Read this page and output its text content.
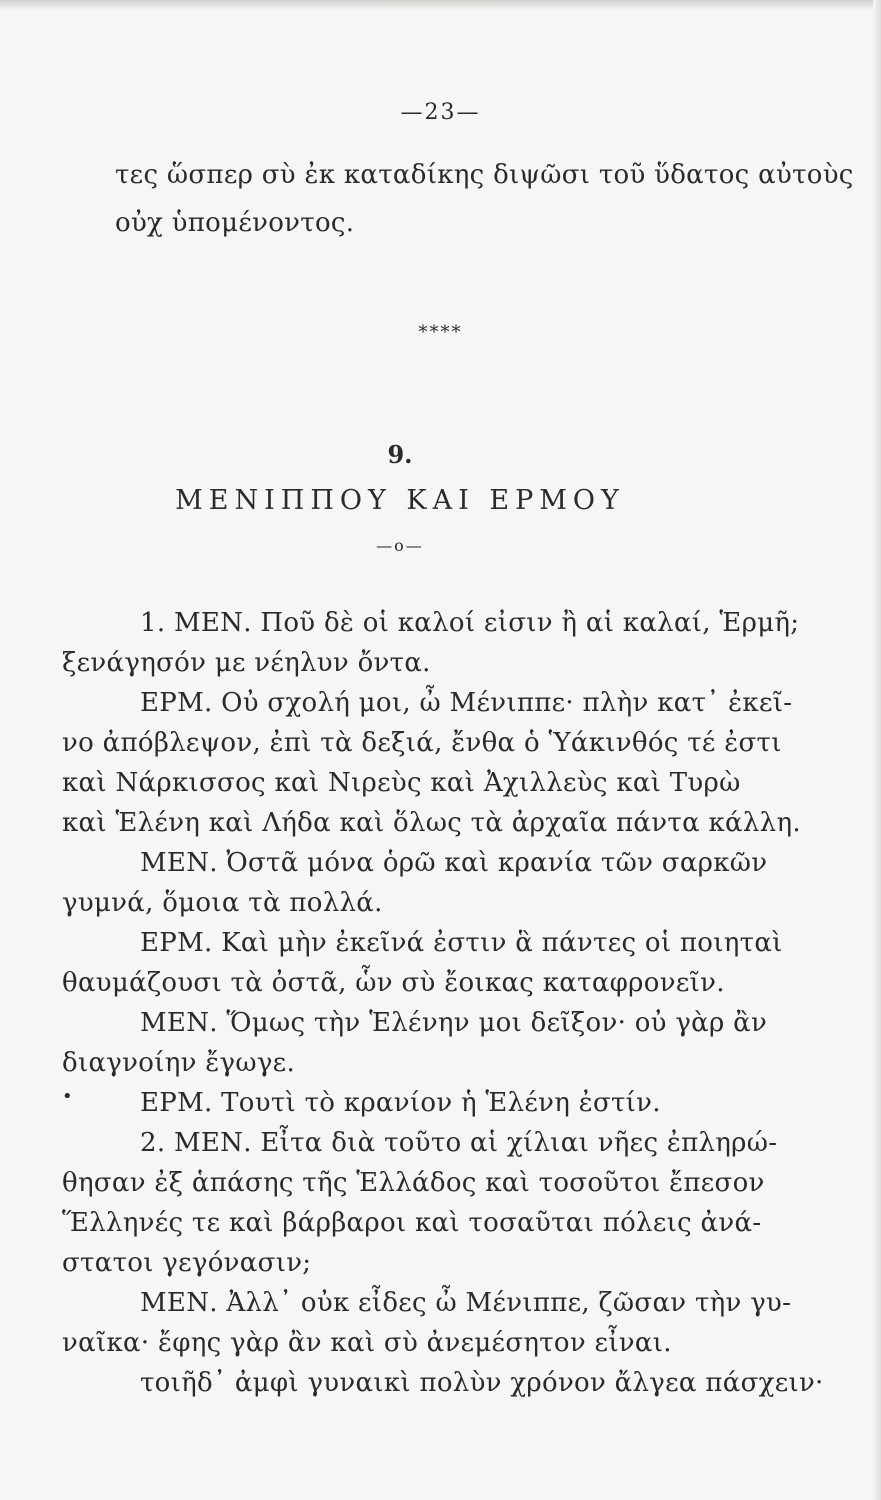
—23—
τες ὥσπερ σὺ ἐκ καταδίκης διψῶσι τοῦ ὕδατος αὐτοὺς
οὐχ ὑπομένοντος.
****
9.
ΜΕΝΙΠΠΟΥ ΚΑΙ ΕΡΜΟΥ
—o—
1. ΜΕΝ. Ποῦ δὲ οἱ καλοί εἰσιν ἢ αἱ καλαί, Ἑρμῆ;
ξενάγησόν με νέηλυν ὄντα.
ΕΡΜ. Οὐ σχολή μοι, ὦ Μένιππε· πλὴν κατ᾽ ἐκεῖ-
νο ἀπόβλεψον, ἐπὶ τὰ δεξιά, ἔνθα ὁ Ὑάκινθός τέ ἐστι
καὶ Νάρκισσος καὶ Νιρεὺς καὶ Ἀχιλλεὺς καὶ Τυρὼ
καὶ Ἑλένη καὶ Λήδα καὶ ὅλως τὰ ἀρχαῖα πάντα κάλλη.
ΜΕΝ. Ὀστᾶ μόνα ὁρῶ καὶ κρανία τῶν σαρκῶν
γυμνά, ὅμοια τὰ πολλά.
ΕΡΜ. Καὶ μὴν ἐκεῖνά ἐστιν ἃ πάντες οἱ ποιηταὶ
θαυμάζουσι τὰ ὀστᾶ, ὧν σὺ ἔοικας καταφρονεῖν.
ΜΕΝ. Ὅμως τὴν Ἑλένην μοι δεῖξον· οὐ γὰρ ἂν
διαγνοίην ἔγωγε.
ΕΡΜ. Τουτὶ τὸ κρανίον ἡ Ἑλένη ἐστίν.
•
2. ΜΕΝ. Εἶτα διὰ τοῦτο αἱ χίλιαι νῆες ἐπληρώ-
θησαν ἐξ ἁπάσης τῆς Ἑλλάδος καὶ τοσοῦτοι ἔπεσον
Ἕλληνές τε καὶ βάρβαροι καὶ τοσαῦται πόλεις ἀνά-
στατοι γεγόνασιν;
ΜΕΝ. Ἀλλ᾽ οὐκ εἶδες ὦ Μένιππε, ζῶσαν τὴν γυ-
ναῖκα· ἔφης γὰρ ἂν καὶ σὺ ἀνεμέσητον εἶναι.
τοιῆδ᾽ ἀμφὶ γυναικὶ πολὺν χρόνον ἄλγεα πάσχειν·
